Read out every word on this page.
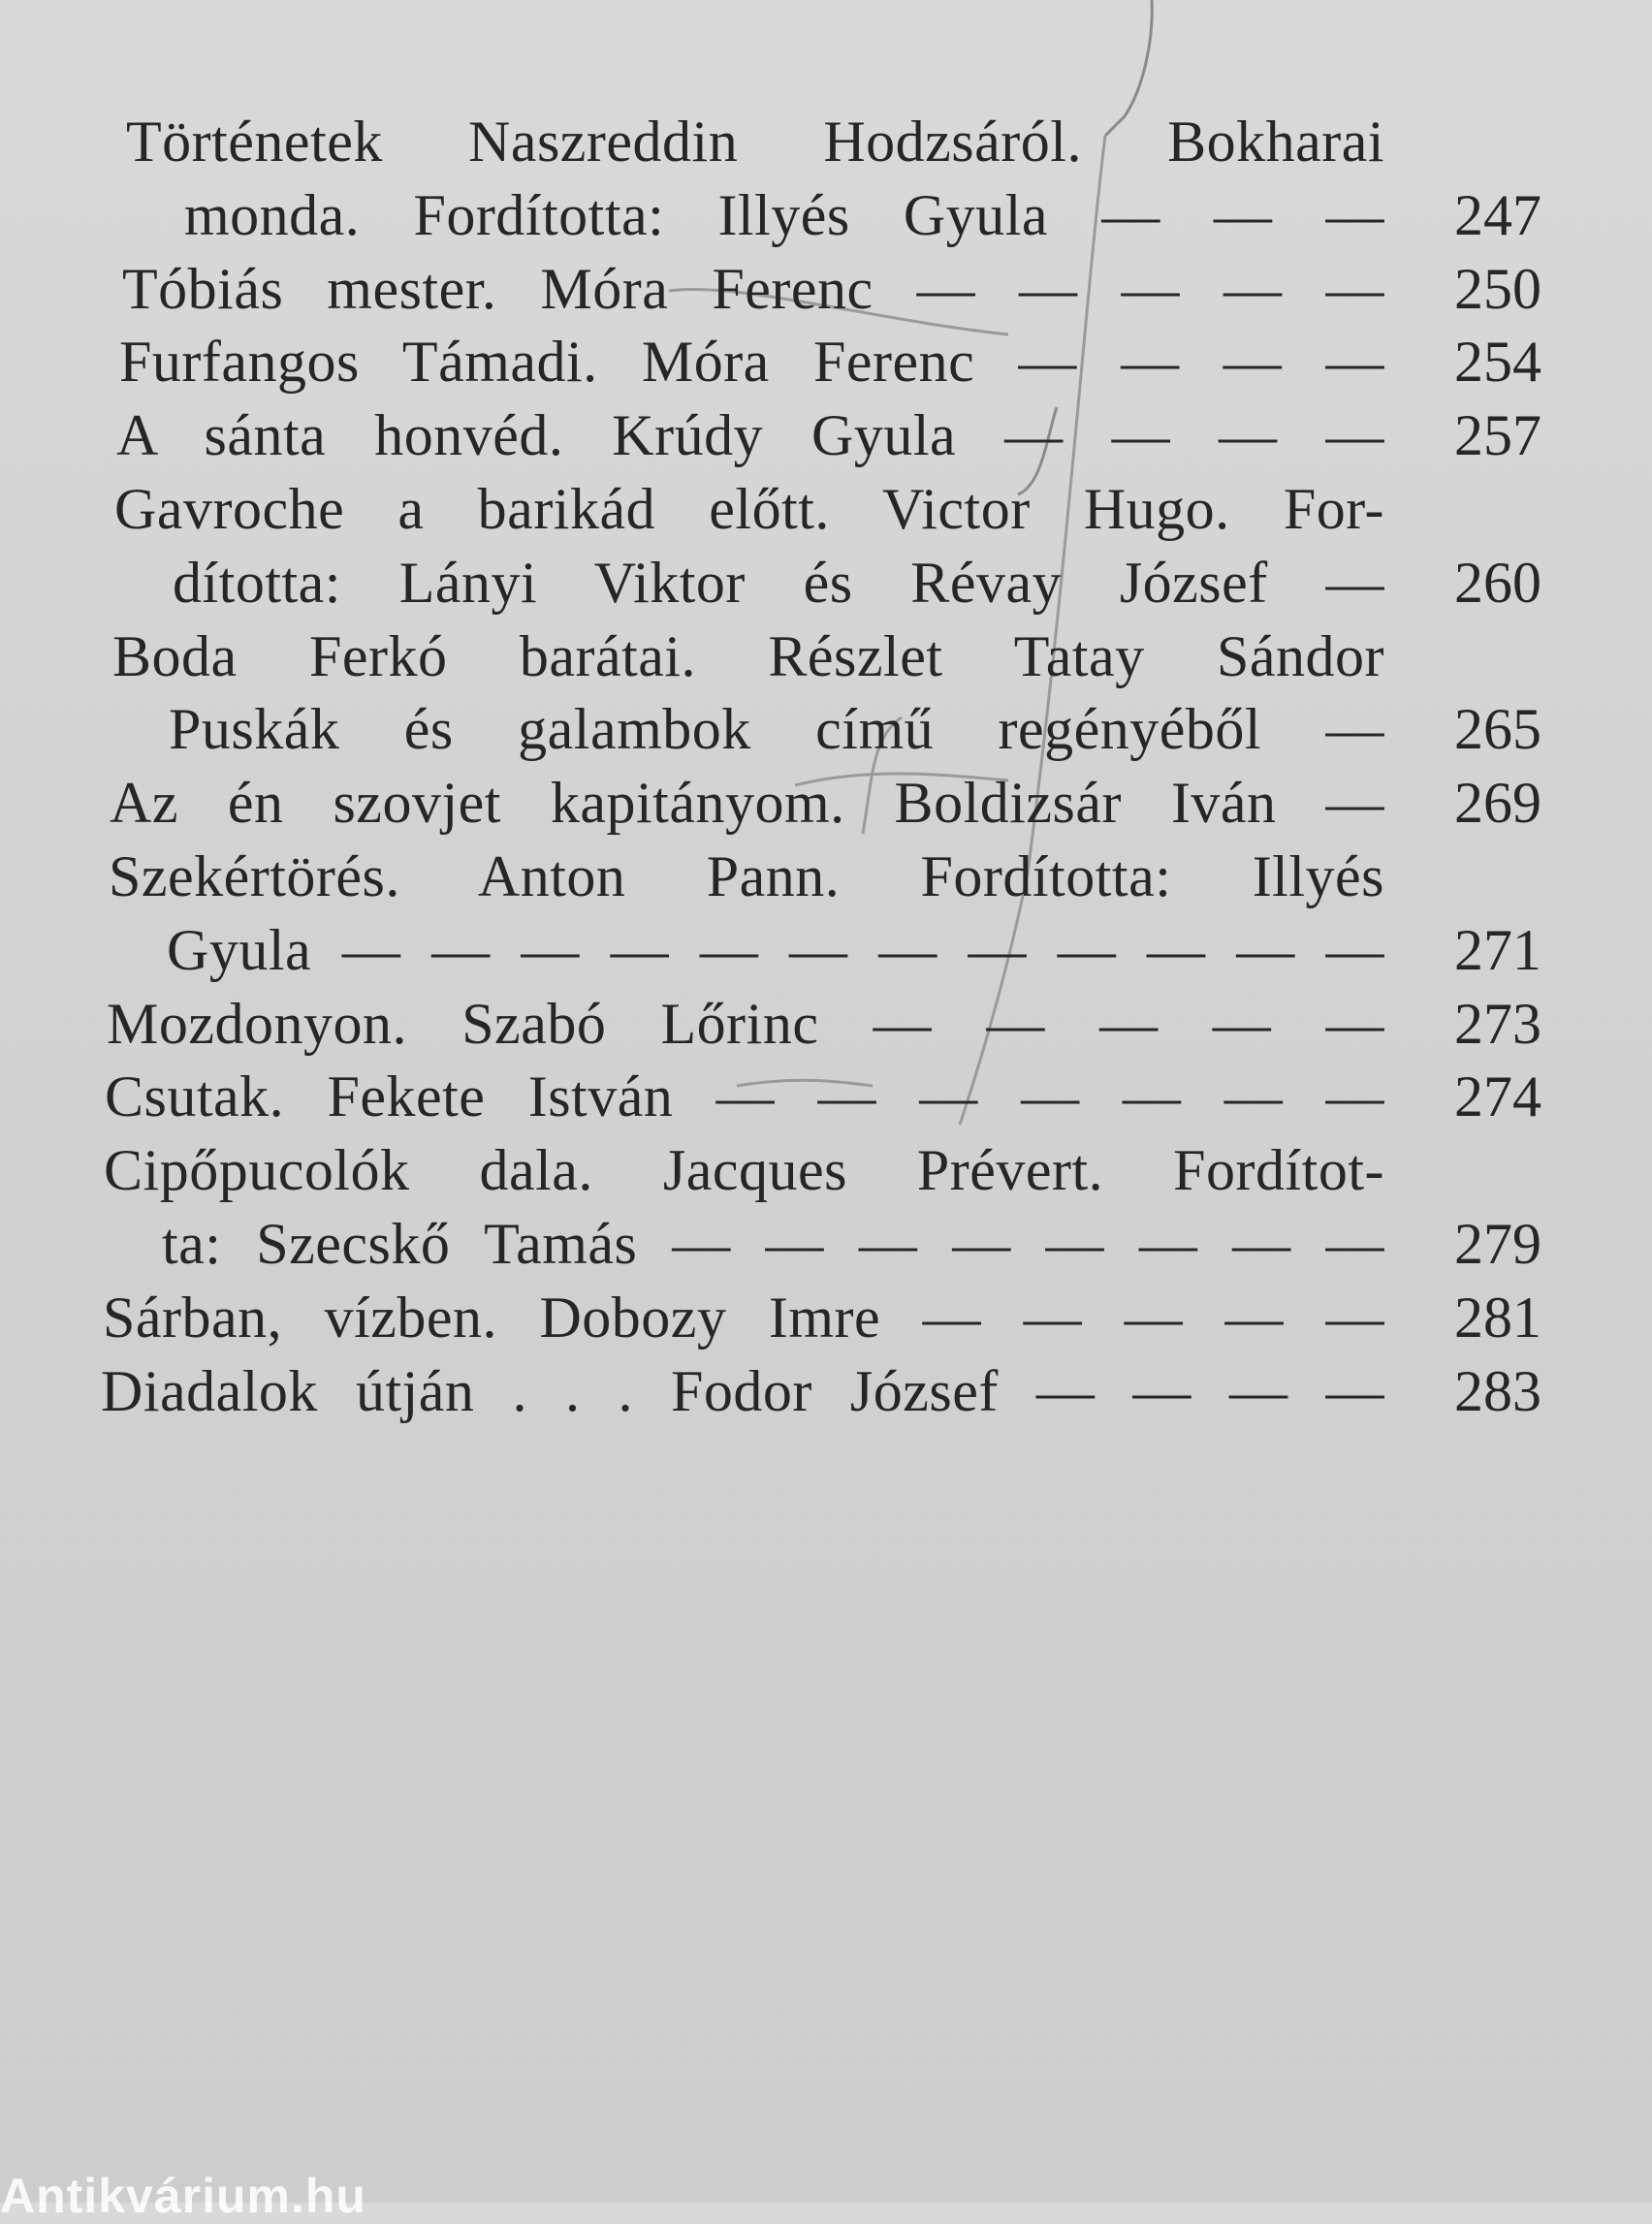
Történetek Naszreddin Hodzsáról. Bokharai
monda. Fordította: Illyés Gyula — — —	247
Tóbiás mester. Móra Ferenc — — — — —	250
Furfangos Támadi. Móra Ferenc — — — —	254
A sánta honvéd. Krúdy Gyula — — — —	257
Gavroche a barikád előtt. Victor Hugo. For-
dította: Lányi Viktor és Révay József —	260
Boda Ferkó barátai. Részlet Tatay Sándor
Puskák és galambok című regényéből —	265
Az én szovjet kapitányom. Boldizsár Iván —	269
Szekértörés. Anton Pann. Fordította: Illyés
Gyula — — — — — — — — — — — —	271
Mozdonyon. Szabó Lőrinc — — — — —	273
Csutak. Fekete István — — — — — — —	274
Cipőpucolók dala. Jacques Prévert. Fordítot-
ta: Szecskő Tamás — — — — — — — —	279
Sárban, vízben. Dobozy Imre — — — — —	281
Diadalok útján . . . Fodor József — — — —	283
Antikvárium.hu
